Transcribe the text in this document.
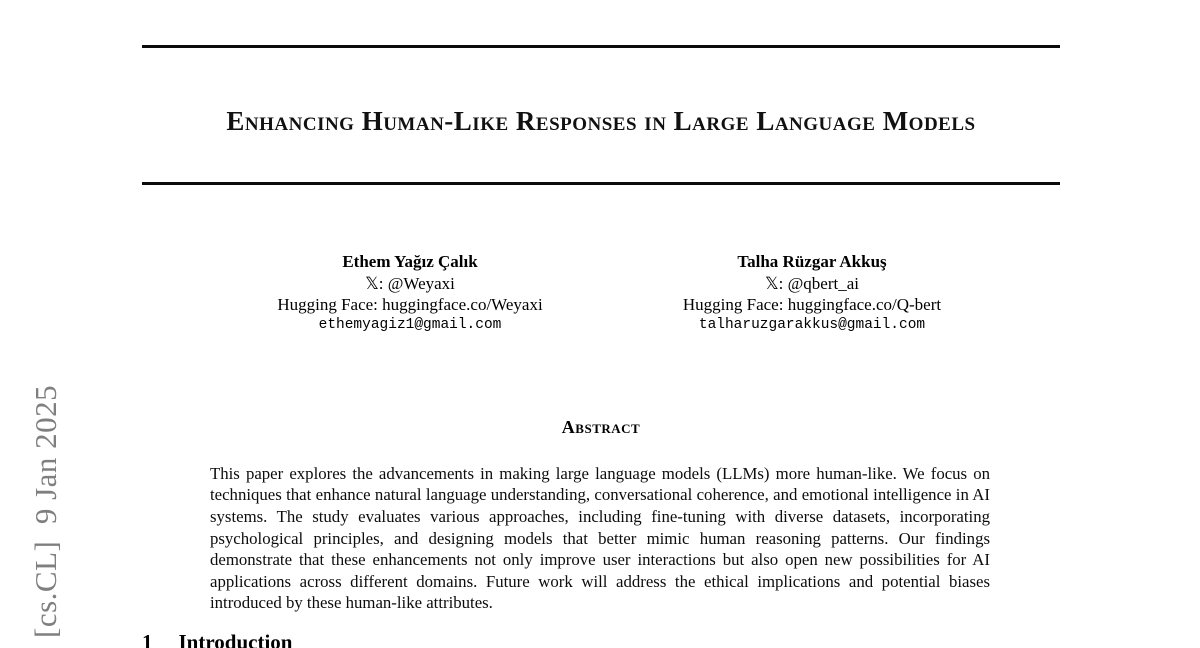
[cs.CL]  9 Jan 2025
Enhancing Human-Like Responses in Large Language Models
Ethem Yağız Çalık
𝕏: @Weyaxi
Hugging Face: huggingface.co/Weyaxi
ethemyagiz1@gmail.com
Talha Rüzgar Akkuş
𝕏: @qbert_ai
Hugging Face: huggingface.co/Q-bert
talharuzgarakkus@gmail.com
Abstract

This paper explores the advancements in making large language models (LLMs) more human-like. We focus on techniques that enhance natural language understanding, conversational coherence, and emotional intelligence in AI systems. The study evaluates various approaches, including fine-tuning with diverse datasets, incorporating psychological principles, and designing models that better mimic human reasoning patterns. Our findings demonstrate that these enhancements not only improve user interactions but also open new possibilities for AI applications across different domains. Future work will address the ethical implications and potential biases introduced by these human-like attributes.

1 Introduction
